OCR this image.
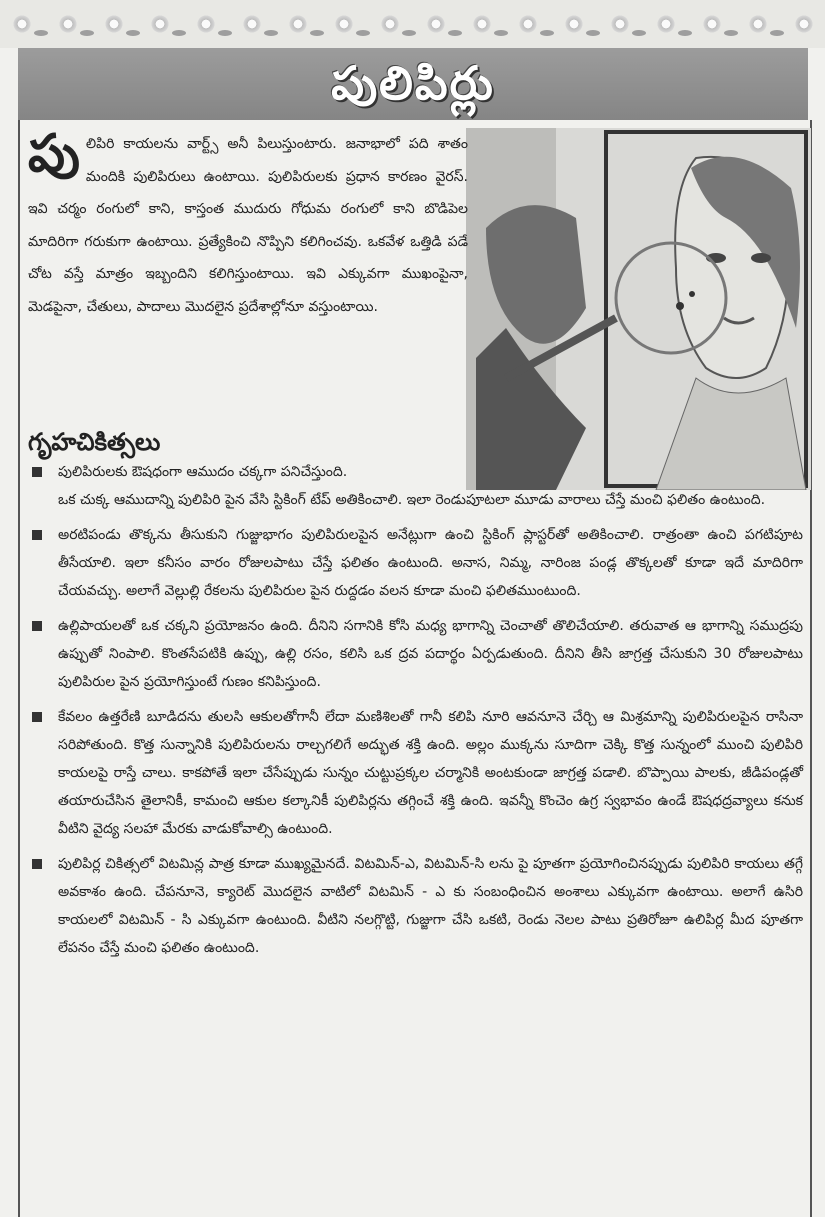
పులిపిర్లు
పులిపిరి కాయలను వార్ట్స్ అనీ పిలుస్తుంటారు. జనాభాలో పది శాతం మందికి పులిపిరులు ఉంటాయి. పులిపిరులకు ప్రధాన కారణం వైరస్. ఇవి చర్మం రంగులో కాని, కాస్తంత ముదురు గోధుమ రంగులో కాని బొడిపెల మాదిరిగా గరుకుగా ఉంటాయి. ప్రత్యేకించి నొప్పిని కలిగించవు. ఒకవేళ ఒత్తిడి పడే చోట వస్తే మాత్రం ఇబ్బందిని కలిగిస్తుంటాయి. ఇవి ఎక్కువగా ముఖంపైనా, మెడపైనా, చేతులు, పాదాలు మొదలైన ప్రదేశాల్లోనూ వస్తుంటాయి.
గృహచికిత్సలు
పులిపిరులకు ఔషధంగా ఆముదం చక్కగా పనిచేస్తుంది.
ఒక చుక్క ఆముదాన్ని పులిపిరి పైన వేసి స్టికింగ్ టేప్ అతికించాలి. ఇలా రెండుపూటలా మూడు వారాలు చేస్తే మంచి ఫలితం ఉంటుంది.
అరటిపండు తొక్కను తీసుకుని గుజ్జుభాగం పులిపిరులపైన అనేట్లుగా ఉంచి స్టికింగ్ ప్లాస్టర్‌తో అతికించాలి. రాత్రంతా ఉంచి పగటిపూట తీసేయాలి. ఇలా కనీసం వారం రోజులపాటు చేస్తే ఫలితం ఉంటుంది. అనాస, నిమ్మ, నారింజ పండ్ల తొక్కలతో కూడా ఇదే మాదిరిగా చేయవచ్చు. అలాగే వెల్లుల్లి రేకలను పులిపిరుల పైన రుద్దడం వలన కూడా మంచి ఫలితముంటుంది.
ఉల్లిపాయలతో ఒక చక్కని ప్రయోజనం ఉంది. దీనిని సగానికి కోసి మధ్య భాగాన్ని చెంచాతో తొలిచేయాలి. తరువాత ఆ భాగాన్ని సముద్రపు ఉప్పుతో నింపాలి. కొంతసేపటికి ఉప్పు, ఉల్లి రసం, కలిసి ఒక ద్రవ పదార్థం ఏర్పడుతుంది. దీనిని తీసి జాగ్రత్త చేసుకుని 30 రోజులపాటు పులిపిరుల పైన ప్రయోగిస్తుంటే గుణం కనిపిస్తుంది.
కేవలం ఉత్తరేణి బూడిదను తులసి ఆకులతోగానీ లేదా మణిశిలతో గానీ కలిపి నూరి ఆవనూనె చేర్చి ఆ మిశ్రమాన్ని పులిపిరులపైన రాసినా సరిపోతుంది. కొత్త సున్నానికి పులిపిరులను రాల్చగలిగే అద్భుత శక్తి ఉంది. అల్లం ముక్కను సూదిగా చెక్కి కొత్త సున్నంలో ముంచి పులిపిరి కాయలపై రాస్తే చాలు. కాకపోతే ఇలా చేసేప్పుడు సున్నం చుట్టుప్రక్కల చర్మానికి అంటకుండా జాగ్రత్త పడాలి. బొప్పాయి పాలకు, జీడిపండ్లతో తయారుచేసిన తైలానికీ, కామంచి ఆకుల కల్కానికీ పులిపిర్లను తగ్గించే శక్తి ఉంది. ఇవన్నీ కొంచెం ఉగ్ర స్వభావం ఉండే ఔషధద్రవ్యాలు కనుక వీటిని వైద్య సలహా మేరకు వాడుకోవాల్సి ఉంటుంది.
పులిపిర్ల చికిత్సలో విటమిన్ల పాత్ర కూడా ముఖ్యమైనదే. విటమిన్-ఎ, విటమిన్-సి లను పై పూతగా ప్రయోగించినప్పుడు పులిపిరి కాయలు తగ్గే అవకాశం ఉంది. చేపనూనె, క్యారెట్ మొదలైన వాటిలో విటమిన్ - ఎ కు సంబంధించిన అంశాలు ఎక్కువగా ఉంటాయి. అలాగే ఉసిరి కాయలలో విటమిన్ - సి ఎక్కువగా ఉంటుంది. వీటిని నలగ్గొట్టి, గుజ్జుగా చేసి ఒకటి, రెండు నెలల పాటు ప్రతిరోజూ ఉలిపిర్ల మీద పూతగా లేపనం చేస్తే మంచి ఫలితం ఉంటుంది.
